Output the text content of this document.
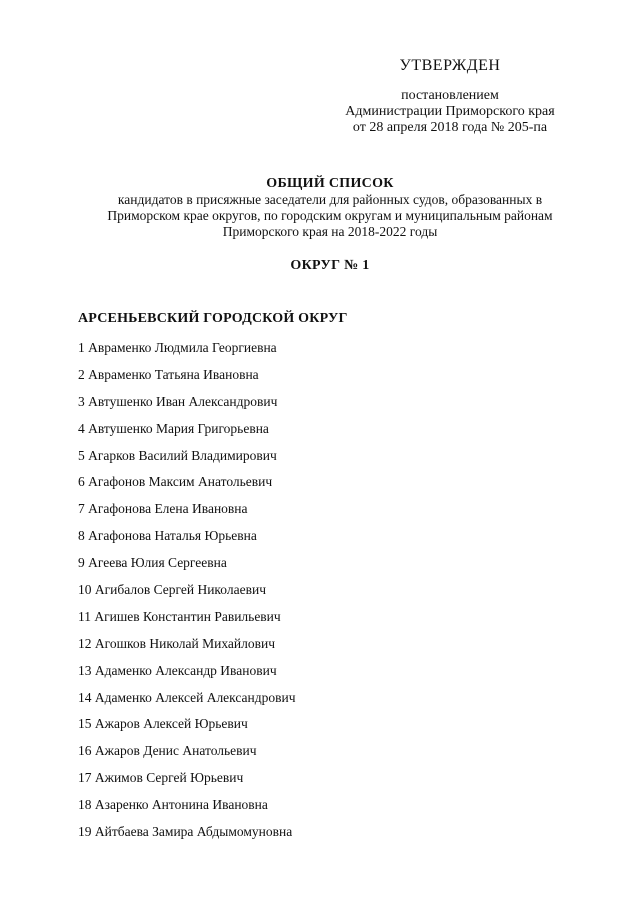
УТВЕРЖДЕН
постановлением
Администрации Приморского края
от 28 апреля 2018 года № 205-па
ОБЩИЙ СПИСОК
кандидатов в присяжные заседатели для районных судов, образованных в
Приморском крае округов, по городским округам и муниципальным районам
Приморского края на 2018-2022 годы
ОКРУГ № 1
АРСЕНЬЕВСКИЙ ГОРОДСКОЙ ОКРУГ
1 Авраменко Людмила Георгиевна
2 Авраменко Татьяна Ивановна
3 Автушенко Иван Александрович
4 Автушенко Мария Григорьевна
5 Агарков Василий Владимирович
6 Агафонов Максим Анатольевич
7 Агафонова Елена Ивановна
8 Агафонова Наталья Юрьевна
9 Агеева Юлия Сергеевна
10 Агибалов Сергей Николаевич
11 Агишев Константин Равильевич
12 Агошков Николай Михайлович
13 Адаменко Александр Иванович
14 Адаменко Алексей Александрович
15 Ажаров Алексей Юрьевич
16 Ажаров Денис Анатольевич
17 Ажимов Сергей Юрьевич
18 Азаренко Антонина Ивановна
19 Айтбаева Замира Абдымомуновна
